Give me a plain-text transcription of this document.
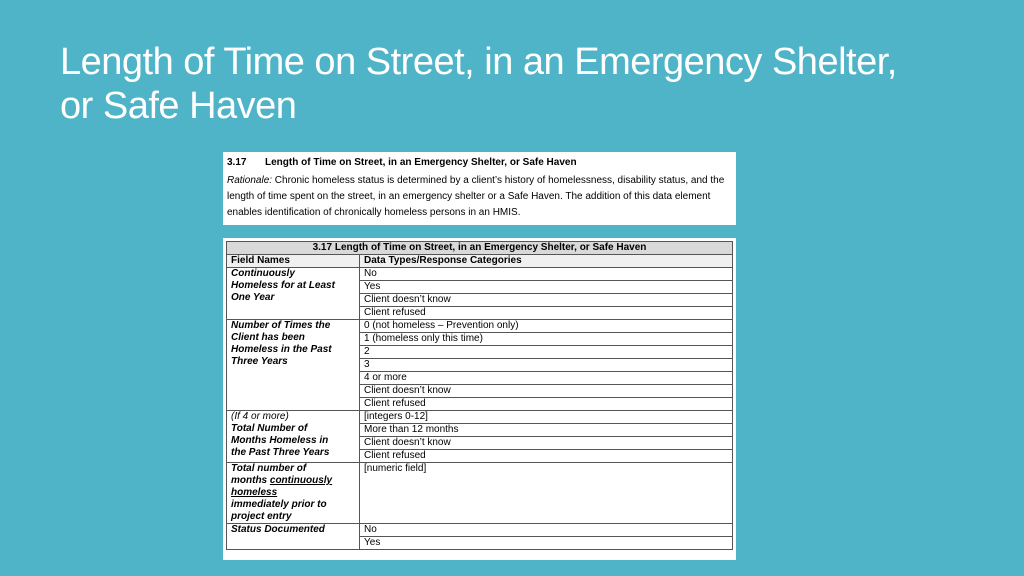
Length of Time on Street, in an Emergency Shelter,
or Safe Haven
3.17 Length of Time on Street, in an Emergency Shelter, or Safe Haven
Rationale: Chronic homeless status is determined by a client’s history of homelessness, disability status, and the length of time spent on the street, in an emergency shelter or a Safe Haven. The addition of this data element enables identification of chronically homeless persons in an HMIS.
3.17 Length of Time on Street, in an Emergency Shelter, or Safe Haven	
Field Names	Data Types/Response Categories

Continuously
Homeless for at Least
One Year	No
	Yes
	Client doesn’t know
	Client refused

Number of Times the
Client has been
Homeless in the Past
Three Years	0 (not homeless – Prevention only)
	1 (homeless only this time)
	2
	3
	4 or more
	Client doesn’t know
	Client refused

(If 4 or more)
Total Number of
Months Homeless in
the Past Three Years	[integers 0-12]
	More than 12 months
	Client doesn’t know
	Client refused

Total number of
months continuously
homeless
immediately prior to
project entry	[numeric field]
Status Documented	No
	Yes
